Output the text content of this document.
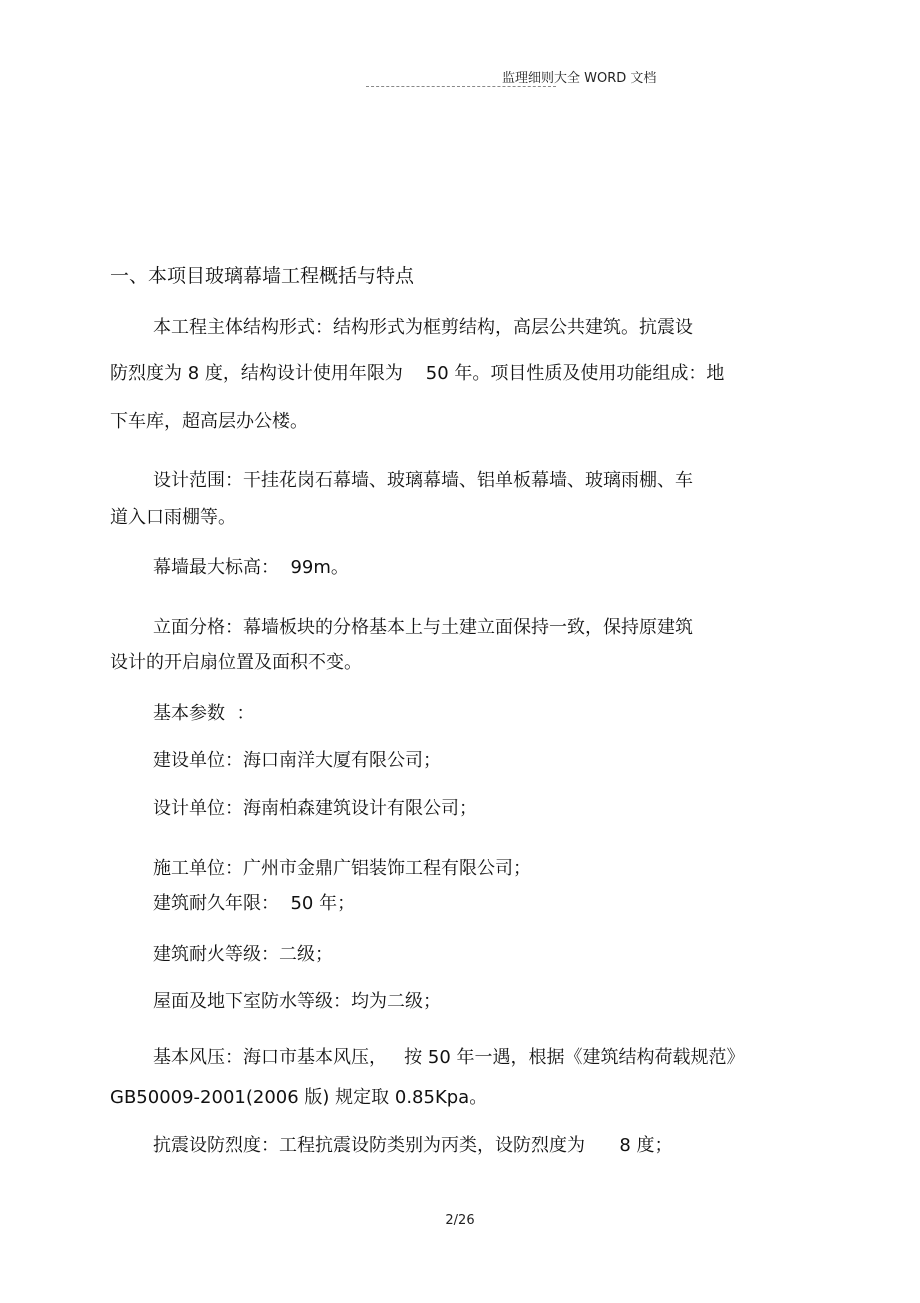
监理细则大全 WORD 文档
一、本项目玻璃幕墙工程概括与特点
本工程主体结构形式：结构形式为框剪结构，高层公共建筑。抗震设
防烈度为 8 度，结构设计使用年限为    50 年。项目性质及使用功能组成：地
下车库，超高层办公楼。
设计范围：干挂花岗石幕墙、玻璃幕墙、铝单板幕墙、玻璃雨棚、车
道入口雨棚等。
幕墙最大标高：  99m。
立面分格：幕墙板块的分格基本上与土建立面保持一致，保持原建筑
设计的开启扇位置及面积不变。
基本参数  ：
建设单位：海口南洋大厦有限公司；
设计单位：海南柏森建筑设计有限公司；
施工单位：广州市金鼎广铝装饰工程有限公司；
建筑耐久年限：  50 年；
建筑耐火等级：二级；
屋面及地下室防水等级：均为二级；
基本风压：海口市基本风压，   按 50 年一遇，根据《建筑结构荷载规范》
GB50009-2001(2006 版) 规定取 0.85Kpa。
抗震设防烈度：工程抗震设防类别为丙类，设防烈度为      8 度；
2/26
